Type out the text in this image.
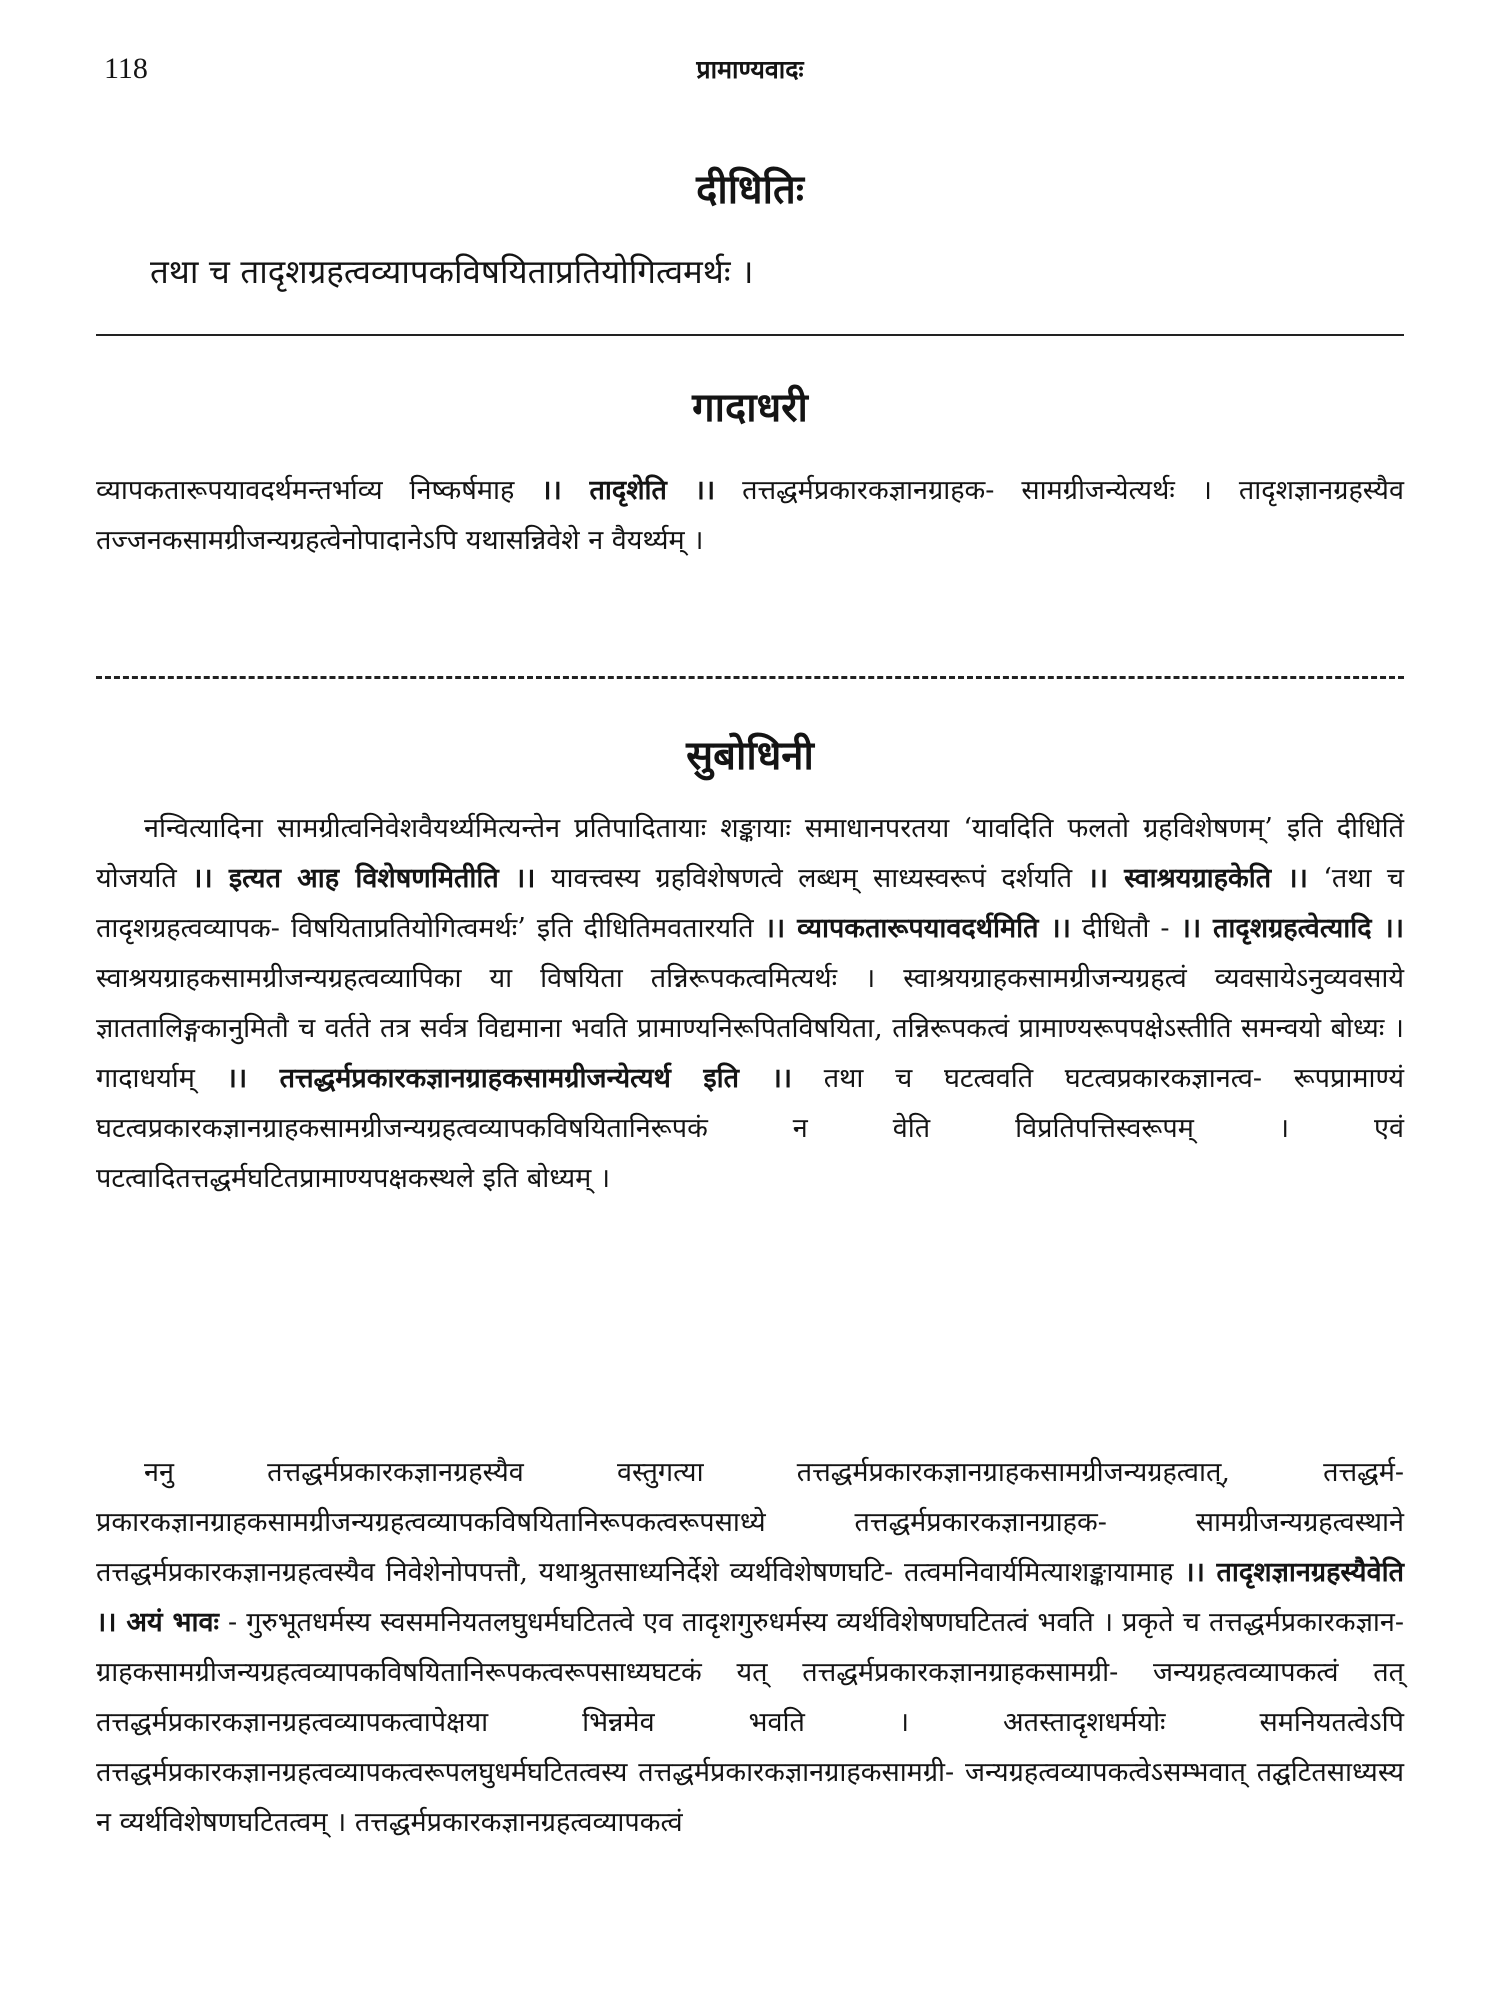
118	प्रामाण्यवादः
दीधितिः
तथा च तादृशग्रहत्वव्यापकविषयिताप्रतियोगित्वमर्थः ।
गादाधरी

व्यापकतारूपयावदर्थमन्तर्भाव्य निष्कर्षमाह ।। तादृशेति ।। तत्तद्धर्मप्रकारकज्ञानग्राहक- सामग्रीजन्येत्यर्थः । तादृशज्ञानग्रहस्यैव तज्जनकसामग्रीजन्यग्रहत्वेनोपादानेऽपि यथासन्निवेशे न वैयर्थ्यम् ।

सुबोधिनी

नन्वित्यादिना सामग्रीत्वनिवेशवैयर्थ्यमित्यन्तेन प्रतिपादितायाः शङ्कायाः समाधानपरतया ‘यावदिति फलतो ग्रहविशेषणम्’ इति दीधितिं योजयति ।। इत्यत आह विशेषणमितीति ।। यावत्त्वस्य ग्रहविशेषणत्वे लब्धम् साध्यस्वरूपं दर्शयति ।। स्वाश्रयग्राहकेति ।। ‘तथा च तादृशग्रहत्वव्यापक- विषयिताप्रतियोगित्वमर्थः’ इति दीधितिमवतारयति ।। व्यापकतारूपयावदर्थमिति ।। दीधितौ - ।। तादृशग्रहत्वेत्यादि ।। स्वाश्रयग्राहकसामग्रीजन्यग्रहत्वव्यापिका या विषयिता तन्निरूपकत्वमित्यर्थः । स्वाश्रयग्राहकसामग्रीजन्यग्रहत्वं व्यवसायेऽनुव्यवसाये ज्ञाततालिङ्गकानुमितौ च वर्तते तत्र सर्वत्र विद्यमाना भवति प्रामाण्यनिरूपितविषयिता, तन्निरूपकत्वं प्रामाण्यरूपपक्षेऽस्तीति समन्वयो बोध्यः । गादाधर्याम् ।। तत्तद्धर्मप्रकारकज्ञानग्राहकसामग्रीजन्येत्यर्थ इति ।। तथा च घटत्ववति घटत्वप्रकारकज्ञानत्व- रूपप्रामाण्यं घटत्वप्रकारकज्ञानग्राहकसामग्रीजन्यग्रहत्वव्यापकविषयितानिरूपकं न वेति विप्रतिपत्तिस्वरूपम् । एवं पटत्वादितत्तद्धर्मघटितप्रामाण्यपक्षकस्थले इति बोध्यम् ।

ननु तत्तद्धर्मप्रकारकज्ञानग्रहस्यैव वस्तुगत्या तत्तद्धर्मप्रकारकज्ञानग्राहकसामग्रीजन्यग्रहत्वात्, तत्तद्धर्म- प्रकारकज्ञानग्राहकसामग्रीजन्यग्रहत्वव्यापकविषयितानिरूपकत्वरूपसाध्ये तत्तद्धर्मप्रकारकज्ञानग्राहक- सामग्रीजन्यग्रहत्वस्थाने तत्तद्धर्मप्रकारकज्ञानग्रहत्वस्यैव निवेशेनोपपत्तौ, यथाश्रुतसाध्यनिर्देशे व्यर्थविशेषणघटि- तत्वमनिवार्यमित्याशङ्कायामाह ।। तादृशज्ञानग्रहस्यैवेति ।। अयं भावः - गुरुभूतधर्मस्य स्वसमनियतलघुधर्मघटितत्वे एव तादृशगुरुधर्मस्य व्यर्थविशेषणघटितत्वं भवति । प्रकृते च तत्तद्धर्मप्रकारकज्ञान- ग्राहकसामग्रीजन्यग्रहत्वव्यापकविषयितानिरूपकत्वरूपसाध्यघटकं यत् तत्तद्धर्मप्रकारकज्ञानग्राहकसामग्री- जन्यग्रहत्वव्यापकत्वं तत् तत्तद्धर्मप्रकारकज्ञानग्रहत्वव्यापकत्वापेक्षया भिन्नमेव भवति । अतस्तादृशधर्मयोः समनियतत्वेऽपि तत्तद्धर्मप्रकारकज्ञानग्रहत्वव्यापकत्वरूपलघुधर्मघटितत्वस्य तत्तद्धर्मप्रकारकज्ञानग्राहकसामग्री- जन्यग्रहत्वव्यापकत्वेऽसम्भवात् तद्घटितसाध्यस्य न व्यर्थविशेषणघटितत्वम् । तत्तद्धर्मप्रकारकज्ञानग्रहत्वव्यापकत्वं
